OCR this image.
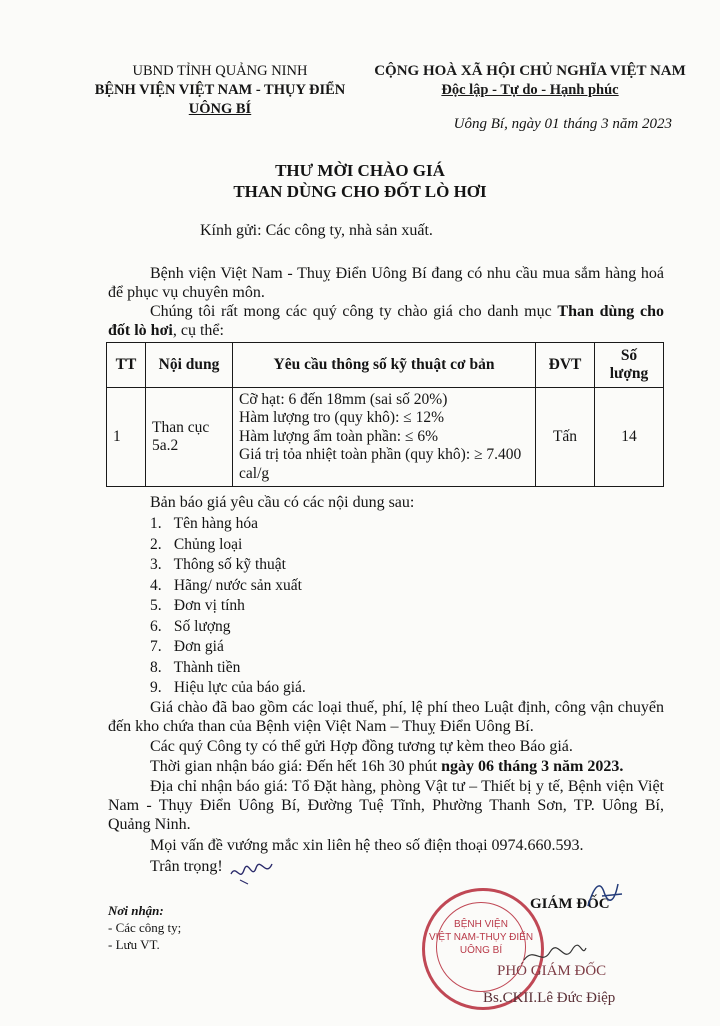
UBND TỈNH QUẢNG NINH
BỆNH VIỆN VIỆT NAM - THỤY ĐIỂN
UÔNG BÍ
CỘNG HOÀ XÃ HỘI CHỦ NGHĨA VIỆT NAM
Độc lập - Tự do - Hạnh phúc
Uông Bí, ngày 01 tháng 3 năm 2023
THƯ MỜI CHÀO GIÁ
THAN DÙNG CHO ĐỐT LÒ HƠI
Kính gửi: Các công ty, nhà sản xuất.
Bệnh viện Việt Nam - Thuỵ Điển Uông Bí đang có nhu cầu mua sắm hàng hoá để phục vụ chuyên môn.
Chúng tôi rất mong các quý công ty chào giá cho danh mục Than dùng cho đốt lò hơi, cụ thể:
TT	Nội dung	Yêu cầu thông số kỹ thuật cơ bản	ĐVT	Số lượng
1	Than cục 5a.2	Cỡ hạt: 6 đến 18mm (sai số 20%)
Hàm lượng tro (quy khô): ≤ 12%
Hàm lượng ẩm toàn phần: ≤ 6%
Giá trị tỏa nhiệt toàn phần (quy khô): ≥ 7.400 cal/g	Tấn	14
Bản báo giá yêu cầu có các nội dung sau:
1. Tên hàng hóa
2. Chủng loại
3. Thông số kỹ thuật
4. Hãng/ nước sản xuất
5. Đơn vị tính
6. Số lượng
7. Đơn giá
8. Thành tiền
9. Hiệu lực của báo giá.
Giá chào đã bao gồm các loại thuế, phí, lệ phí theo Luật định, công vận chuyển đến kho chứa than của Bệnh viện Việt Nam – Thuỵ Điển Uông Bí.
Các quý Công ty có thể gửi Hợp đồng tương tự kèm theo Báo giá.
Thời gian nhận báo giá: Đến hết 16h 30 phút ngày 06 tháng 3 năm 2023.
Địa chỉ nhận báo giá: Tổ Đặt hàng, phòng Vật tư – Thiết bị y tế, Bệnh viện Việt Nam - Thụy Điển Uông Bí, Đường Tuệ Tĩnh, Phường Thanh Sơn, TP. Uông Bí, Quảng Ninh.
Mọi vấn đề vướng mắc xin liên hệ theo số điện thoại 0974.660.593.
Trân trọng!
Nơi nhận:
- Các công ty;
- Lưu VT.
BỆNH VIỆN
VIỆT NAM-THỤY ĐIỂN
UÔNG BÍ
GIÁM ĐỐC
PHÓ GIÁM ĐỐC
Bs.CKII.Lê Đức Điệp
